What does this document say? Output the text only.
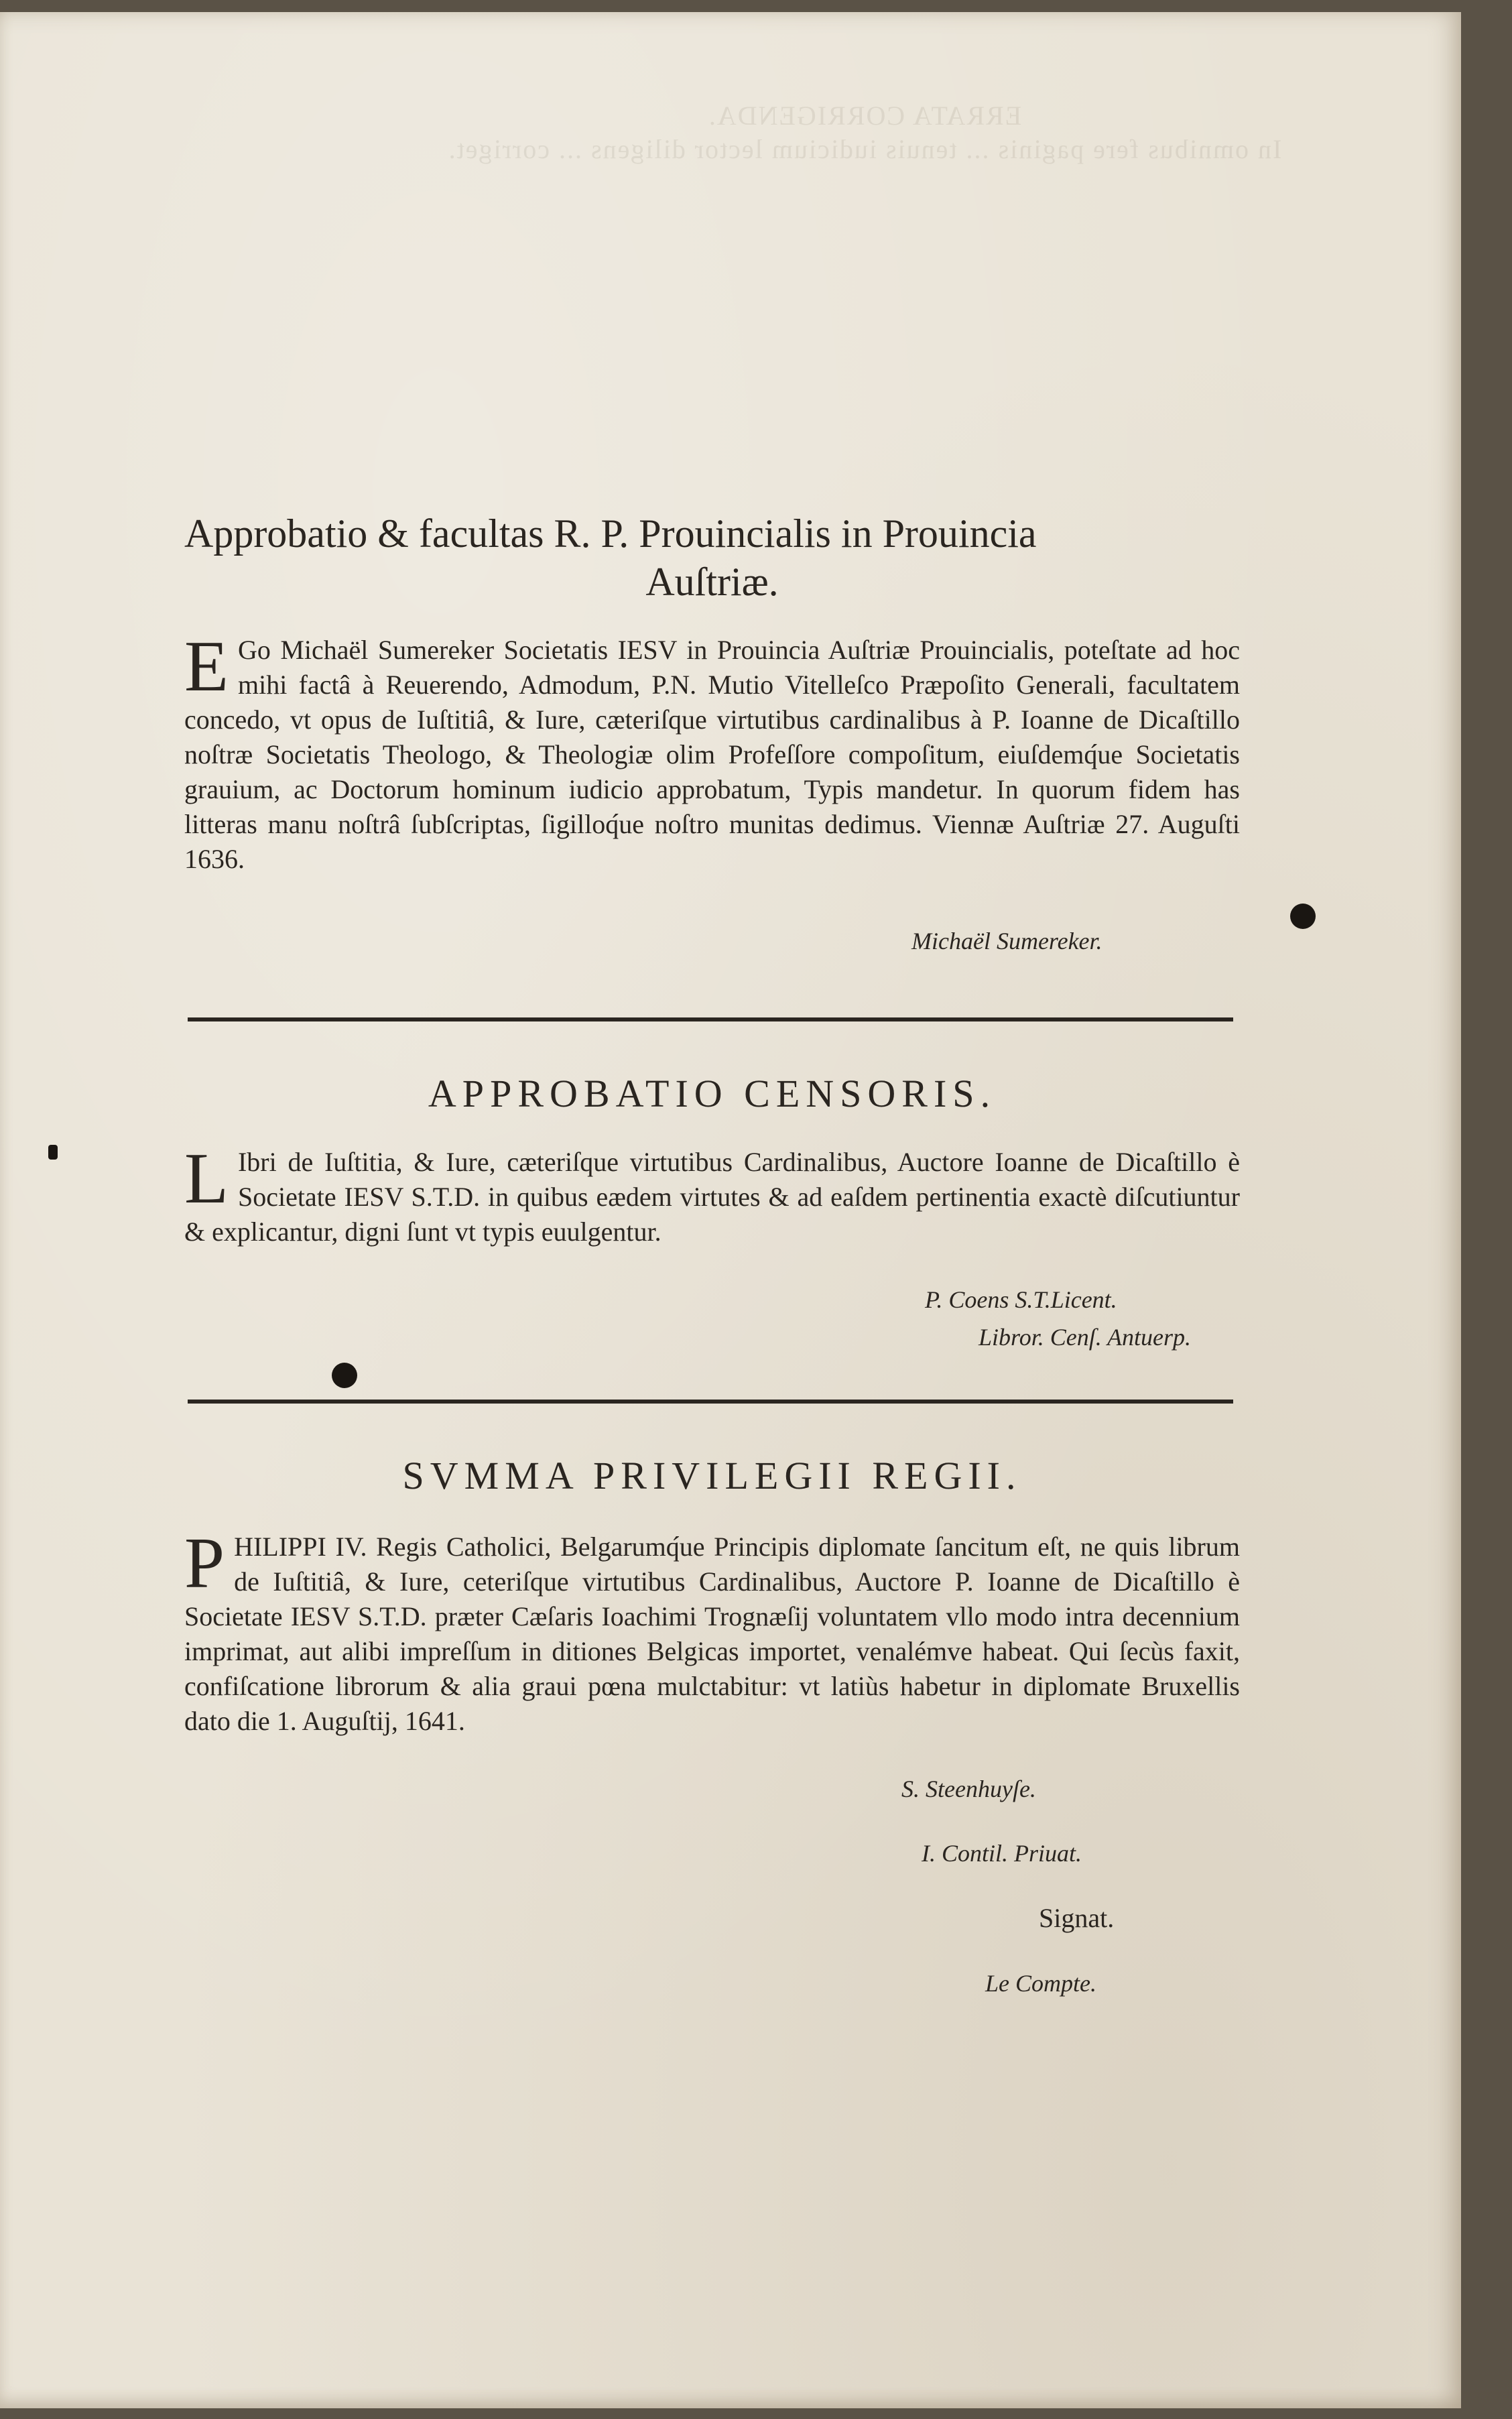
ERRATA CORRIGENDA.
In omnibus fere paginis ... tenuis iudicium lector diligens ... corriget.
Approbatio & facultas R. P. Prouincialis in Prouincia
Auſtriæ.
E Go Michaël Sumereker Societatis IESV in Prouincia Auſtriæ Prouincialis, poteſtate ad hoc mihi factâ à Reuerendo, Admodum, P.N. Mutio Vitelleſco Præpoſito Generali, facultatem concedo, vt opus de Iuſtitiâ, & Iure, cæteriſque virtutibus cardinalibus à P. Ioanne de Dicaſtillo noſtræ Societatis Theologo, & Theologiæ olim Profeſſore compoſitum, eiuſdemq́ue Societatis grauium, ac Doctorum hominum iudicio approbatum, Typis mandetur. In quorum fidem has litteras manu noſtrâ ſubſcriptas, ſigilloq́ue noſtro munitas dedimus. Viennæ Auſtriæ 27. Auguſti 1636.
Michaël Sumereker.
APPROBATIO CENSORIS.
L Ibri de Iuſtitia, & Iure, cæteriſque virtutibus Cardinalibus, Auctore Ioanne de Dicaſtillo è Societate IESV S.T.D. in quibus eædem virtutes & ad eaſdem pertinentia exactè diſcutiuntur & explicantur, digni ſunt vt typis euulgentur.
P. Coens S.T.Licent.
Libror. Cenſ. Antuerp.
SVMMA PRIVILEGII REGII.
P HILIPPI IV. Regis Catholici, Belgarumq́ue Principis diplomate ſancitum eſt, ne quis librum de Iuſtitiâ, & Iure, ceteriſque virtutibus Cardinalibus, Auctore P. Ioanne de Dicaſtillo è Societate IESV S.T.D. præter Cæſaris Ioachimi Trognæſij voluntatem vllo modo intra decennium imprimat, aut alibi impreſſum in ditiones Belgicas importet, venalémve habeat. Qui ſecùs faxit, confiſcatione librorum & alia graui pœna mulctabitur: vt latiùs habetur in diplomate Bruxellis dato die 1. Auguſtij, 1641.
S. Steenhuyſe.
I. Contil. Priuat.
Signat.
Le Compte.
